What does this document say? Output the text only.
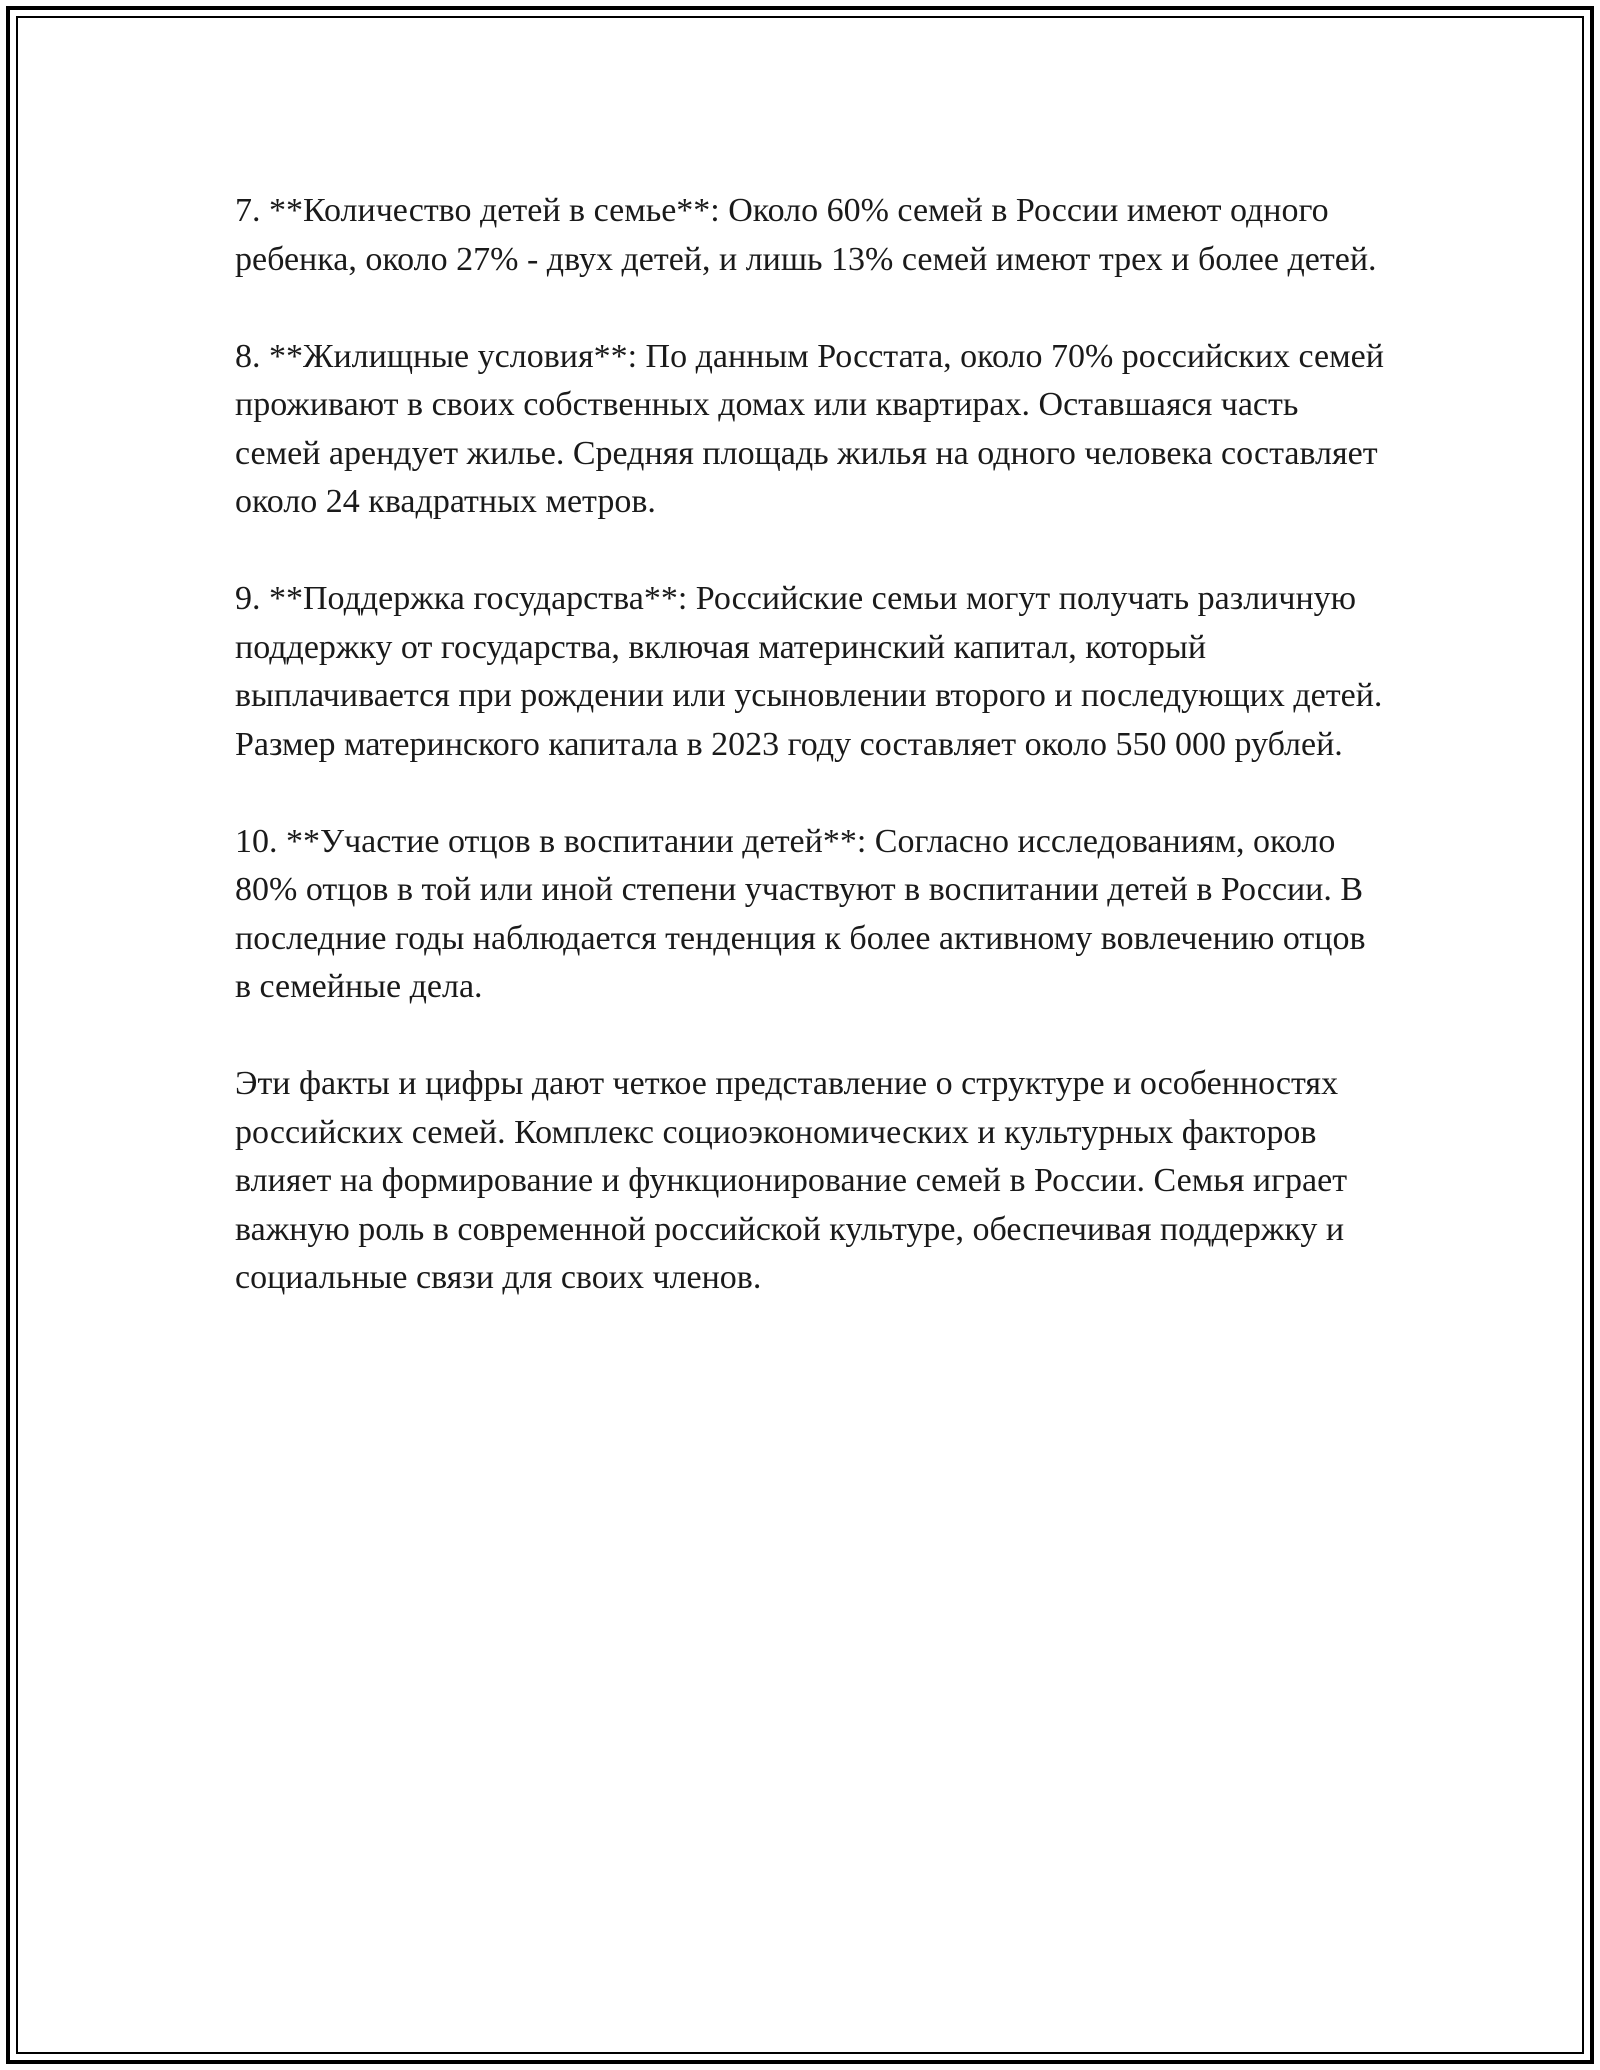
7. **Количество детей в семье**: Около 60% семей в России имеют одного ребенка, около 27% - двух детей, и лишь 13% семей имеют трех и более детей.

8. **Жилищные условия**: По данным Росстата, около 70% российских семей проживают в своих собственных домах или квартирах. Оставшаяся часть семей арендует жилье. Средняя площадь жилья на одного человека составляет около 24 квадратных метров.

9. **Поддержка государства**: Российские семьи могут получать различную поддержку от государства, включая материнский капитал, который выплачивается при рождении или усыновлении второго и последующих детей. Размер материнского капитала в 2023 году составляет около 550 000 рублей.

10. **Участие отцов в воспитании детей**: Согласно исследованиям, около 80% отцов в той или иной степени участвуют в воспитании детей в России. В последние годы наблюдается тенденция к более активному вовлечению отцов в семейные дела.

Эти факты и цифры дают четкое представление о структуре и особенностях российских семей. Комплекс социоэкономических и культурных факторов влияет на формирование и функционирование семей в России. Семья играет важную роль в современной российской культуре, обеспечивая поддержку и социальные связи для своих членов.
